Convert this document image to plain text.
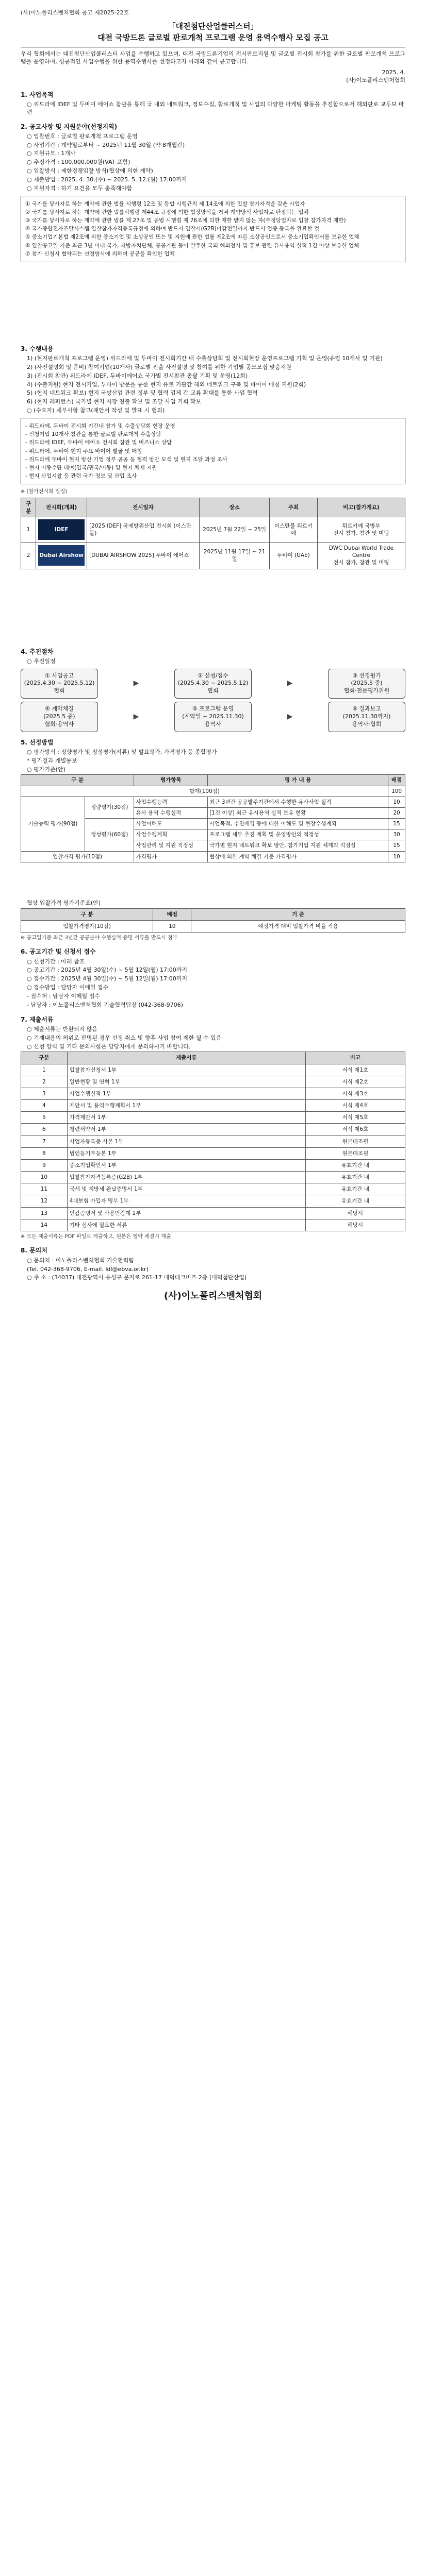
(사)이노폴리스벤처협회 공고 제2025-22호

「대전첨단산업클러스터」

대전 국방드론 글로벌 판로개척 프로그램 운영 용역수행사 모집 공고

우리 협회에서는 대전첨단산업클러스터 사업을 수행하고 있으며, 대전 국방드론기업의 전시판로지원 및 글로벌 전시회 참가를 위한 글로벌 판로개척 프로그램을 운영하며, 성공적인 사업수행을 위한 용역수행사를 선정하고자 아래와 같이 공고합니다.

2025. 4.

(사)이노폴리스벤처협회

1. 사업목적

○ 위드라에 IDEF 및 두바이 에어쇼 참관을 통해 국 내외 네트워크, 정보수집, 활로개척 및 사업의 다양한 마케팅 활동을 추진함으로서 해외판로 교두보 마련

2. 공고사항 및 지원분야(선정지역)

○ 입찰번호 : 글로벌 판로개척 프로그램 운영

○ 사업기간 : 계약일로부터 ~ 2025년 11월 30일 (약 8개월간)

○ 지원규모 : 1개사

○ 추정가격 : 100,000,000원(VAT 포함)

○ 입찰방식 : 제한경쟁입찰 방식(협상에 의한 계약)

○ 제출방법 : 2025. 4. 30.(수) ~ 2025. 5. 12.(월) 17:00까지

○ 지원자격 : 하기 요건을 모두 충족해야함

① 국가를 당사자로 하는 계약에 관한 법률 시행령 12조 및 동법 시행규칙 제 14조에 의한 입찰 참가자격을 갖춘 사업자

② 국가를 당사자로 하는 계약에 관한 법률시행령 제44조 규정에 의한 협상방식을 거쳐 계약방식 사업자로 판정되는 업체

③ 국가를 당사자로 하는 계약에 관한 법률 제 27조 및 동법 시행령 제 76조에 의한 제한 받지 않는 자(부정당업자로 입찰 참가자격 제한)

④ 국가종합전자조달시스템 입찰참가자격등록규정에 의하여 반드시 입찰서(G2B)마감전일까지 반드시 업종 등록을 완료할 것

⑤ 중소기업기본법 제2조에 의한 중소기업 및 소상공인 또는 및 지원에 관한 법률 제2조에 따른 소상공인으로서 중소기업확인서를 보유한 업체

⑥ 입찰공고일 기준 최근 3년 이내 국가, 지방자치단체, 공공기관 등이 발주한 국외 해외전시 및 홍보 관련 유사용역 실적 1건 이상 보유한 업체

⑦ 참가 신청시 협약되는 선정방식에 의하여 공공을 확인한 업체

3. 수행내용

1) (현지판로개척 프로그램 운영) 위드라에 및 두바이 전시회기간 내 수출상담회 및 전시회현장 운영프로그램 기획 및 운영(유럽 10개사 및 기관)

2) (사전설명회 및 준비) 참여기업(10개사) 글로벌 진출 사전설명 및 참여를 위한 기업별 공모모집 맞춤지원

3) (전시회 참관) 위드라에 IDEF, 두바이에어쇼 국가별 전시참관 총괄 기획 및 운영(12회)

4) (수출지원) 현지 전시기업, 두바이 방문을 통한 현지 유로 기관간 해외 네트워크 구축 및 바이어 매칭 지원(2회)

5) (현지 네트워크 확보) 현지 국방산업 관련 정부 및 협력 업체 간 교류 확대를 통한 사업 협력

6) (현지 레퍼런스) 국가별 현지 시장 진출 확보 및 조달 사업 기회 확보

○ (수요자) 세부사항 참고(제안서 작성 및 발표 시 협의)

- 위드라에, 두바이 전시회 기간내 참가 및 수출상담회 현장 운영

- 신청기업 10개사 참관을 통한 글로벌 판로개척 수출상담

- 위드라에 IDEF, 두바이 에어쇼 전시회 참관 및 비즈니스 상담

- 위드라에, 두바이 현지 주요 바이어 발굴 및 매칭

- 위드라에 두바이 현지 방산 기업 정부 공공 등 협력 방안 모색 및 현지 조달 과정 조사

- 현지 이동수단 대여(입국/귀국/이동) 및 현지 체재 지원

- 현지 산업시찰 등 관련 국가 정보 및 산업 조사

※ (참가전시회 일정)

구분	전시회(개최)	전시일자	장소	주최	비고(참가개요)
1	IDEF	[2025 IDEF] 국제방위산업 전시회 (이스탄불)	2025년 7월 22일 ~ 25일	이스탄불 튀르키예	튀르키예 국방부
전시 참가, 참관 및 미팅
2	Dubai Airshow	[DUBAI AIRSHOW 2025] 두바이 에어쇼	2025년 11월 17일 ~ 21일	두바이 (UAE)	DWC Dubai World Trade Centre
전시 참가, 참관 및 미팅
4. 추진절차

○ 추진일정

① 사업공고
(2025.4.30 ~ 2025.5.12)
협회
▶
② 신청/접수
(2025.4.30 ~ 2025.5.12)
협회
▶
③ 선정평가
(2025.5 중)
협회·전문평가위원
④ 계약체결
(2025.5 중)
협회·용역사
▶
⑤ 프로그램 운영
(계약일 ~ 2025.11.30)
용역사
▶
⑥ 결과보고
(2025.11.30까지)
용역사·협회
5. 선정방법

○ 평가방식 : 정량평가 및 정성평가(서류) 및 발표평가, 가격평가 등 종합평가

* 평가결과 개별통보

○ 평가기준(안)

구 분		평가항목	평 가 내 용	배점
합계(100점)				100
기술능력 평가(90점)	정량평가(30점)	사업수행능력	최근 3년간 공공발주기관에서 수행한 유사사업 실적	10
		유사 용역 수행실적	[1건 이상] 최근 유사용역 실적 보유 현황	20
	정성평가(60점)	사업이해도	사업목적, 추진배경 등에 대한 이해도 및 현장수행계획	15
		사업수행계획	프로그램 세부 추진 계획 및 운영방안의 적정성	30
		사업관리 및 지원 적정성	국가별 현지 네트워크 확보 방안, 참가기업 지원 체계의 적정성	15
입찰가격 평가(10점)		가격평가	협상에 의한 계약 체결 기준 가격평가	10

협상 입찰가격 평가기준표(안)

구 분	배점	기 준
입찰가격평가(10점)	10	예정가격 대비 입찰가격 비율 적용

※ 공고일기준 최근 3년간 공공분야 수행실적 증명 서류를 반드시 첨부

6. 공고기간 및 신청서 접수

○ 신청기간 : 아래 참조

○ 공고기간 : 2025년 4월 30일(수) ~ 5월 12일(월) 17:00까지

○ 접수기간 : 2025년 4월 30일(수) ~ 5월 12일(월) 17:00까지

○ 접수방법 : 담당자 이메일 접수

- 접수처 : 담당자 이메일 접수

- 담당자 : 이노폴리스벤처협회 기술협력팀장 (042-368-9706)

7. 제출서류

○ 제출서류는 반환되지 않음

○ 기재내용의 허위로 판명된 경우 선정 취소 및 향후 사업 참여 제한 될 수 있음

○ 신청 양식 및 기타 문의사항은 담당자에게 문의하시기 바랍니다.

구분	제출서류	비고
1	입찰참가신청서 1부	서식 제1호
2	일반현황 및 연혁 1부	서식 제2호
3	사업수행실적 1부	서식 제3호
4	제안서 및 용역수행계획서 1부	서식 제4호
5	가격제안서 1부	서식 제5호
6	청렴서약서 1부	서식 제6호
7	사업자등록증 사본 1부	원본대조필
8	법인등기부등본 1부	원본대조필
9	중소기업확인서 1부	유효기간 내
10	입찰참가자격등록증(G2B) 1부	유효기간 내
11	국세 및 지방세 완납증명서 1부	유효기간 내
12	4대보험 가입자 명부 1부	유효기간 내
13	인감증명서 및 사용인감계 1부	해당시
14	기타 심사에 필요한 서류	해당시

※ 모든 제출서류는 PDF 파일로 제출하고, 원본은 협약 체결시 제출

8. 문의처

○ 문의처 : 이노폴리스벤처협회 기술협력팀

(Tel. 042-368-9706, E-mail. ldl@ebva.or.kr)

○ 주 소 : (34037) 대전광역시 유성구 문지로 261-17 대덕테크비즈 2층 (대덕첨단산업)

(사)이노폴리스벤처협회
